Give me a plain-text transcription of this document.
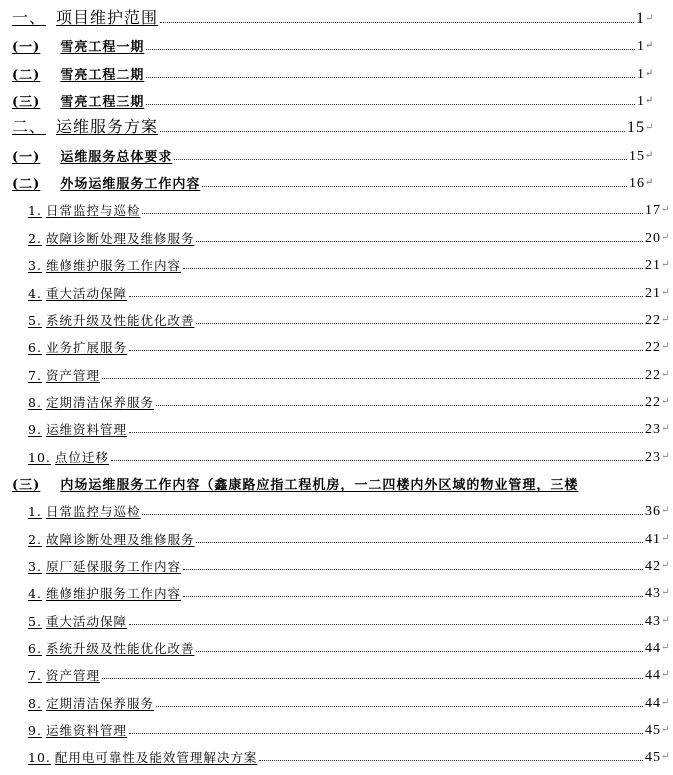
一、 项目维护范围	1 ↵
(一) 雪亮工程一期	1 ↵
(二) 雪亮工程二期	1 ↵
(三) 雪亮工程三期	1 ↵
二、 运维服务方案	15 ↵
(一) 运维服务总体要求	15 ↵
(二) 外场运维服务工作内容	16 ↵
1. 日常监控与巡检	17 ↵
2. 故障诊断处理及维修服务	20 ↵
3. 维修维护服务工作内容	21 ↵
4. 重大活动保障	21 ↵
5. 系统升级及性能优化改善	22 ↵
6. 业务扩展服务	22 ↵
7. 资产管理	22 ↵
8. 定期清洁保养服务	22 ↵
9. 运维资料管理	23 ↵
10. 点位迁移	23 ↵
(三) 内场运维服务工作内容（鑫康路应指工程机房，一二四楼内外区域的物业管理，三楼
1. 日常监控与巡检	36 ↵
2. 故障诊断处理及维修服务	41 ↵
3. 原厂延保服务工作内容	42 ↵
4. 维修维护服务工作内容	43 ↵
5. 重大活动保障	43 ↵
6. 系统升级及性能优化改善	44 ↵
7. 资产管理	44 ↵
8. 定期清洁保养服务	44 ↵
9. 运维资料管理	45 ↵
10. 配用电可靠性及能效管理解决方案	45 ↵
